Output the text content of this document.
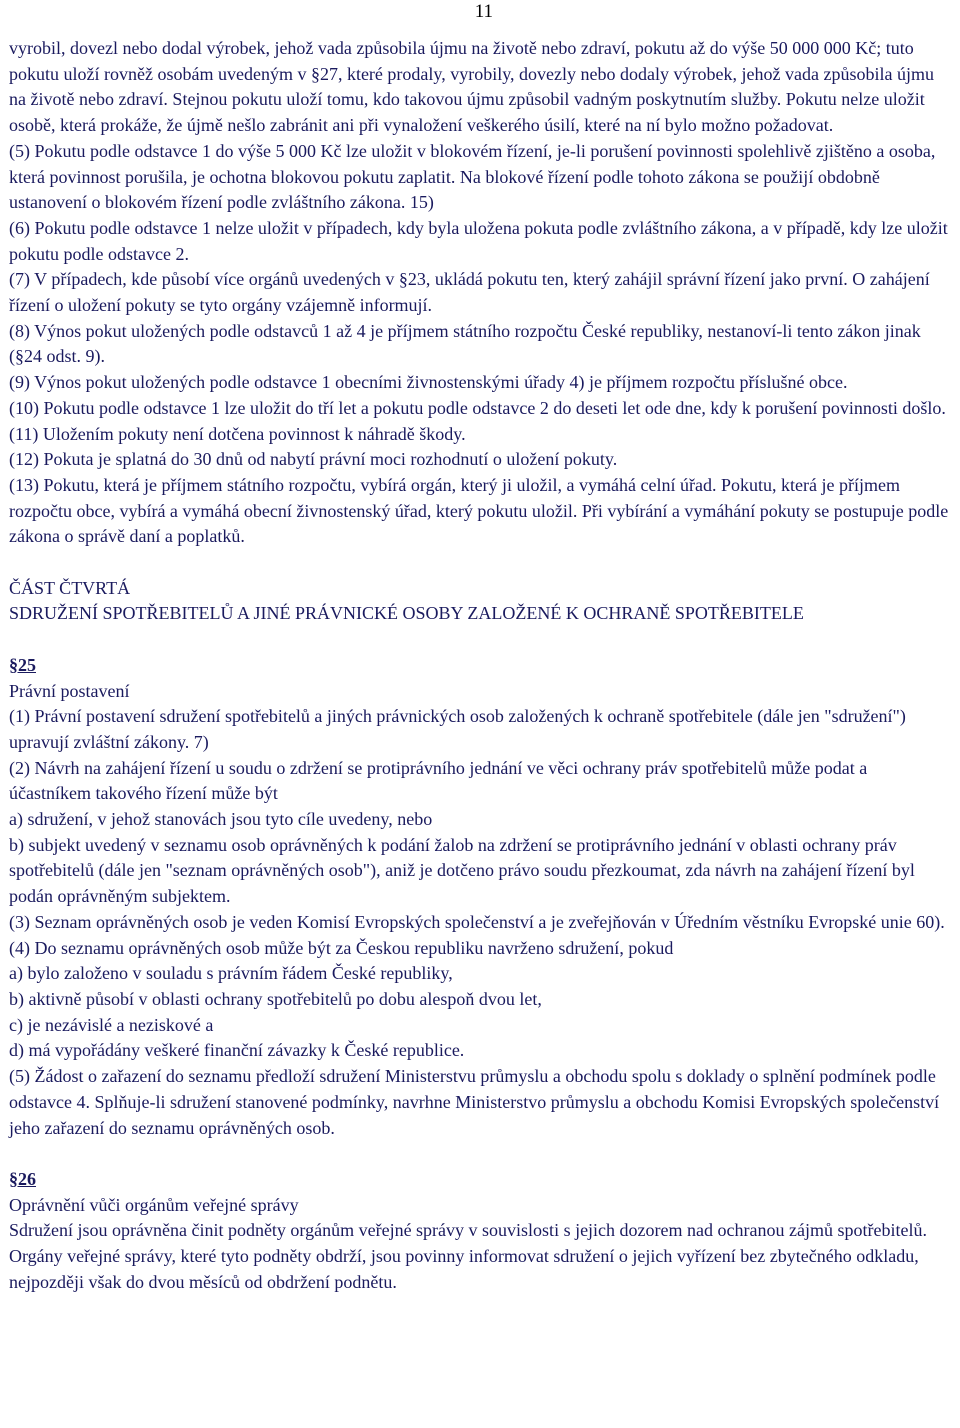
11

vyrobil, dovezl nebo dodal výrobek, jehož vada způsobila újmu na životě nebo zdraví, pokutu až do výše 50 000 000 Kč; tuto pokutu uloží rovněž osobám uvedeným v §27, které prodaly, vyrobily, dovezly nebo dodaly výrobek, jehož vada způsobila újmu na životě nebo zdraví. Stejnou pokutu uloží tomu, kdo takovou újmu způsobil vadným poskytnutím služby. Pokutu nelze uložit osobě, která prokáže, že újmě nešlo zabránit ani při vynaložení veškerého úsilí, které na ní bylo možno požadovat.

(5) Pokutu podle odstavce 1 do výše 5 000 Kč lze uložit v blokovém řízení, je-li porušení povinnosti spolehlivě zjištěno a osoba, která povinnost porušila, je ochotna blokovou pokutu zaplatit. Na blokové řízení podle tohoto zákona se použijí obdobně ustanovení o blokovém řízení podle zvláštního zákona. 15)

(6) Pokutu podle odstavce 1 nelze uložit v případech, kdy byla uložena pokuta podle zvláštního zákona, a v případě, kdy lze uložit pokutu podle odstavce 2.

(7) V případech, kde působí více orgánů uvedených v §23, ukládá pokutu ten, který zahájil správní řízení jako první. O zahájení řízení o uložení pokuty se tyto orgány vzájemně informují.

(8) Výnos pokut uložených podle odstavců 1 až 4 je příjmem státního rozpočtu České republiky, nestanoví-li tento zákon jinak (§24 odst. 9).

(9) Výnos pokut uložených podle odstavce 1 obecními živnostenskými úřady 4) je příjmem rozpočtu příslušné obce.

(10) Pokutu podle odstavce 1 lze uložit do tří let a pokutu podle odstavce 2 do deseti let ode dne, kdy k porušení povinnosti došlo.

(11) Uložením pokuty není dotčena povinnost k náhradě škody.

(12) Pokuta je splatná do 30 dnů od nabytí právní moci rozhodnutí o uložení pokuty.

(13) Pokutu, která je příjmem státního rozpočtu, vybírá orgán, který ji uložil, a vymáhá celní úřad. Pokutu, která je příjmem rozpočtu obce, vybírá a vymáhá obecní živnostenský úřad, který pokutu uložil. Při vybírání a vymáhání pokuty se postupuje podle zákona o správě daní a poplatků.

ČÁST ČTVRTÁ

SDRUŽENÍ SPOTŘEBITELŮ A JINÉ PRÁVNICKÉ OSOBY ZALOŽENÉ K OCHRANĚ SPOTŘEBITELE

§25

Právní postavení

(1) Právní postavení sdružení spotřebitelů a jiných právnických osob založených k ochraně spotřebitele (dále jen "sdružení") upravují zvláštní zákony. 7)

(2) Návrh na zahájení řízení u soudu o zdržení se protiprávního jednání ve věci ochrany práv spotřebitelů může podat a účastníkem takového řízení může být

a) sdružení, v jehož stanovách jsou tyto cíle uvedeny, nebo

b) subjekt uvedený v seznamu osob oprávněných k podání žalob na zdržení se protiprávního jednání v oblasti ochrany práv spotřebitelů (dále jen "seznam oprávněných osob"), aniž je dotčeno právo soudu přezkoumat, zda návrh na zahájení řízení byl podán oprávněným subjektem.

(3) Seznam oprávněných osob je veden Komisí Evropských společenství a je zveřejňován v Úředním věstníku Evropské unie 60).

(4) Do seznamu oprávněných osob může být za Českou republiku navrženo sdružení, pokud

a) bylo založeno v souladu s právním řádem České republiky,

b) aktivně působí v oblasti ochrany spotřebitelů po dobu alespoň dvou let,

c) je nezávislé a neziskové a

d) má vypořádány veškeré finanční závazky k České republice.

(5) Žádost o zařazení do seznamu předloží sdružení Ministerstvu průmyslu a obchodu spolu s doklady o splnění podmínek podle odstavce 4. Splňuje-li sdružení stanovené podmínky, navrhne Ministerstvo průmyslu a obchodu Komisi Evropských společenství jeho zařazení do seznamu oprávněných osob.

§26

Oprávnění vůči orgánům veřejné správy

Sdružení jsou oprávněna činit podněty orgánům veřejné správy v souvislosti s jejich dozorem nad ochranou zájmů spotřebitelů. Orgány veřejné správy, které tyto podněty obdrží, jsou povinny informovat sdružení o jejich vyřízení bez zbytečného odkladu, nejpozději však do dvou měsíců od obdržení podnětu.
